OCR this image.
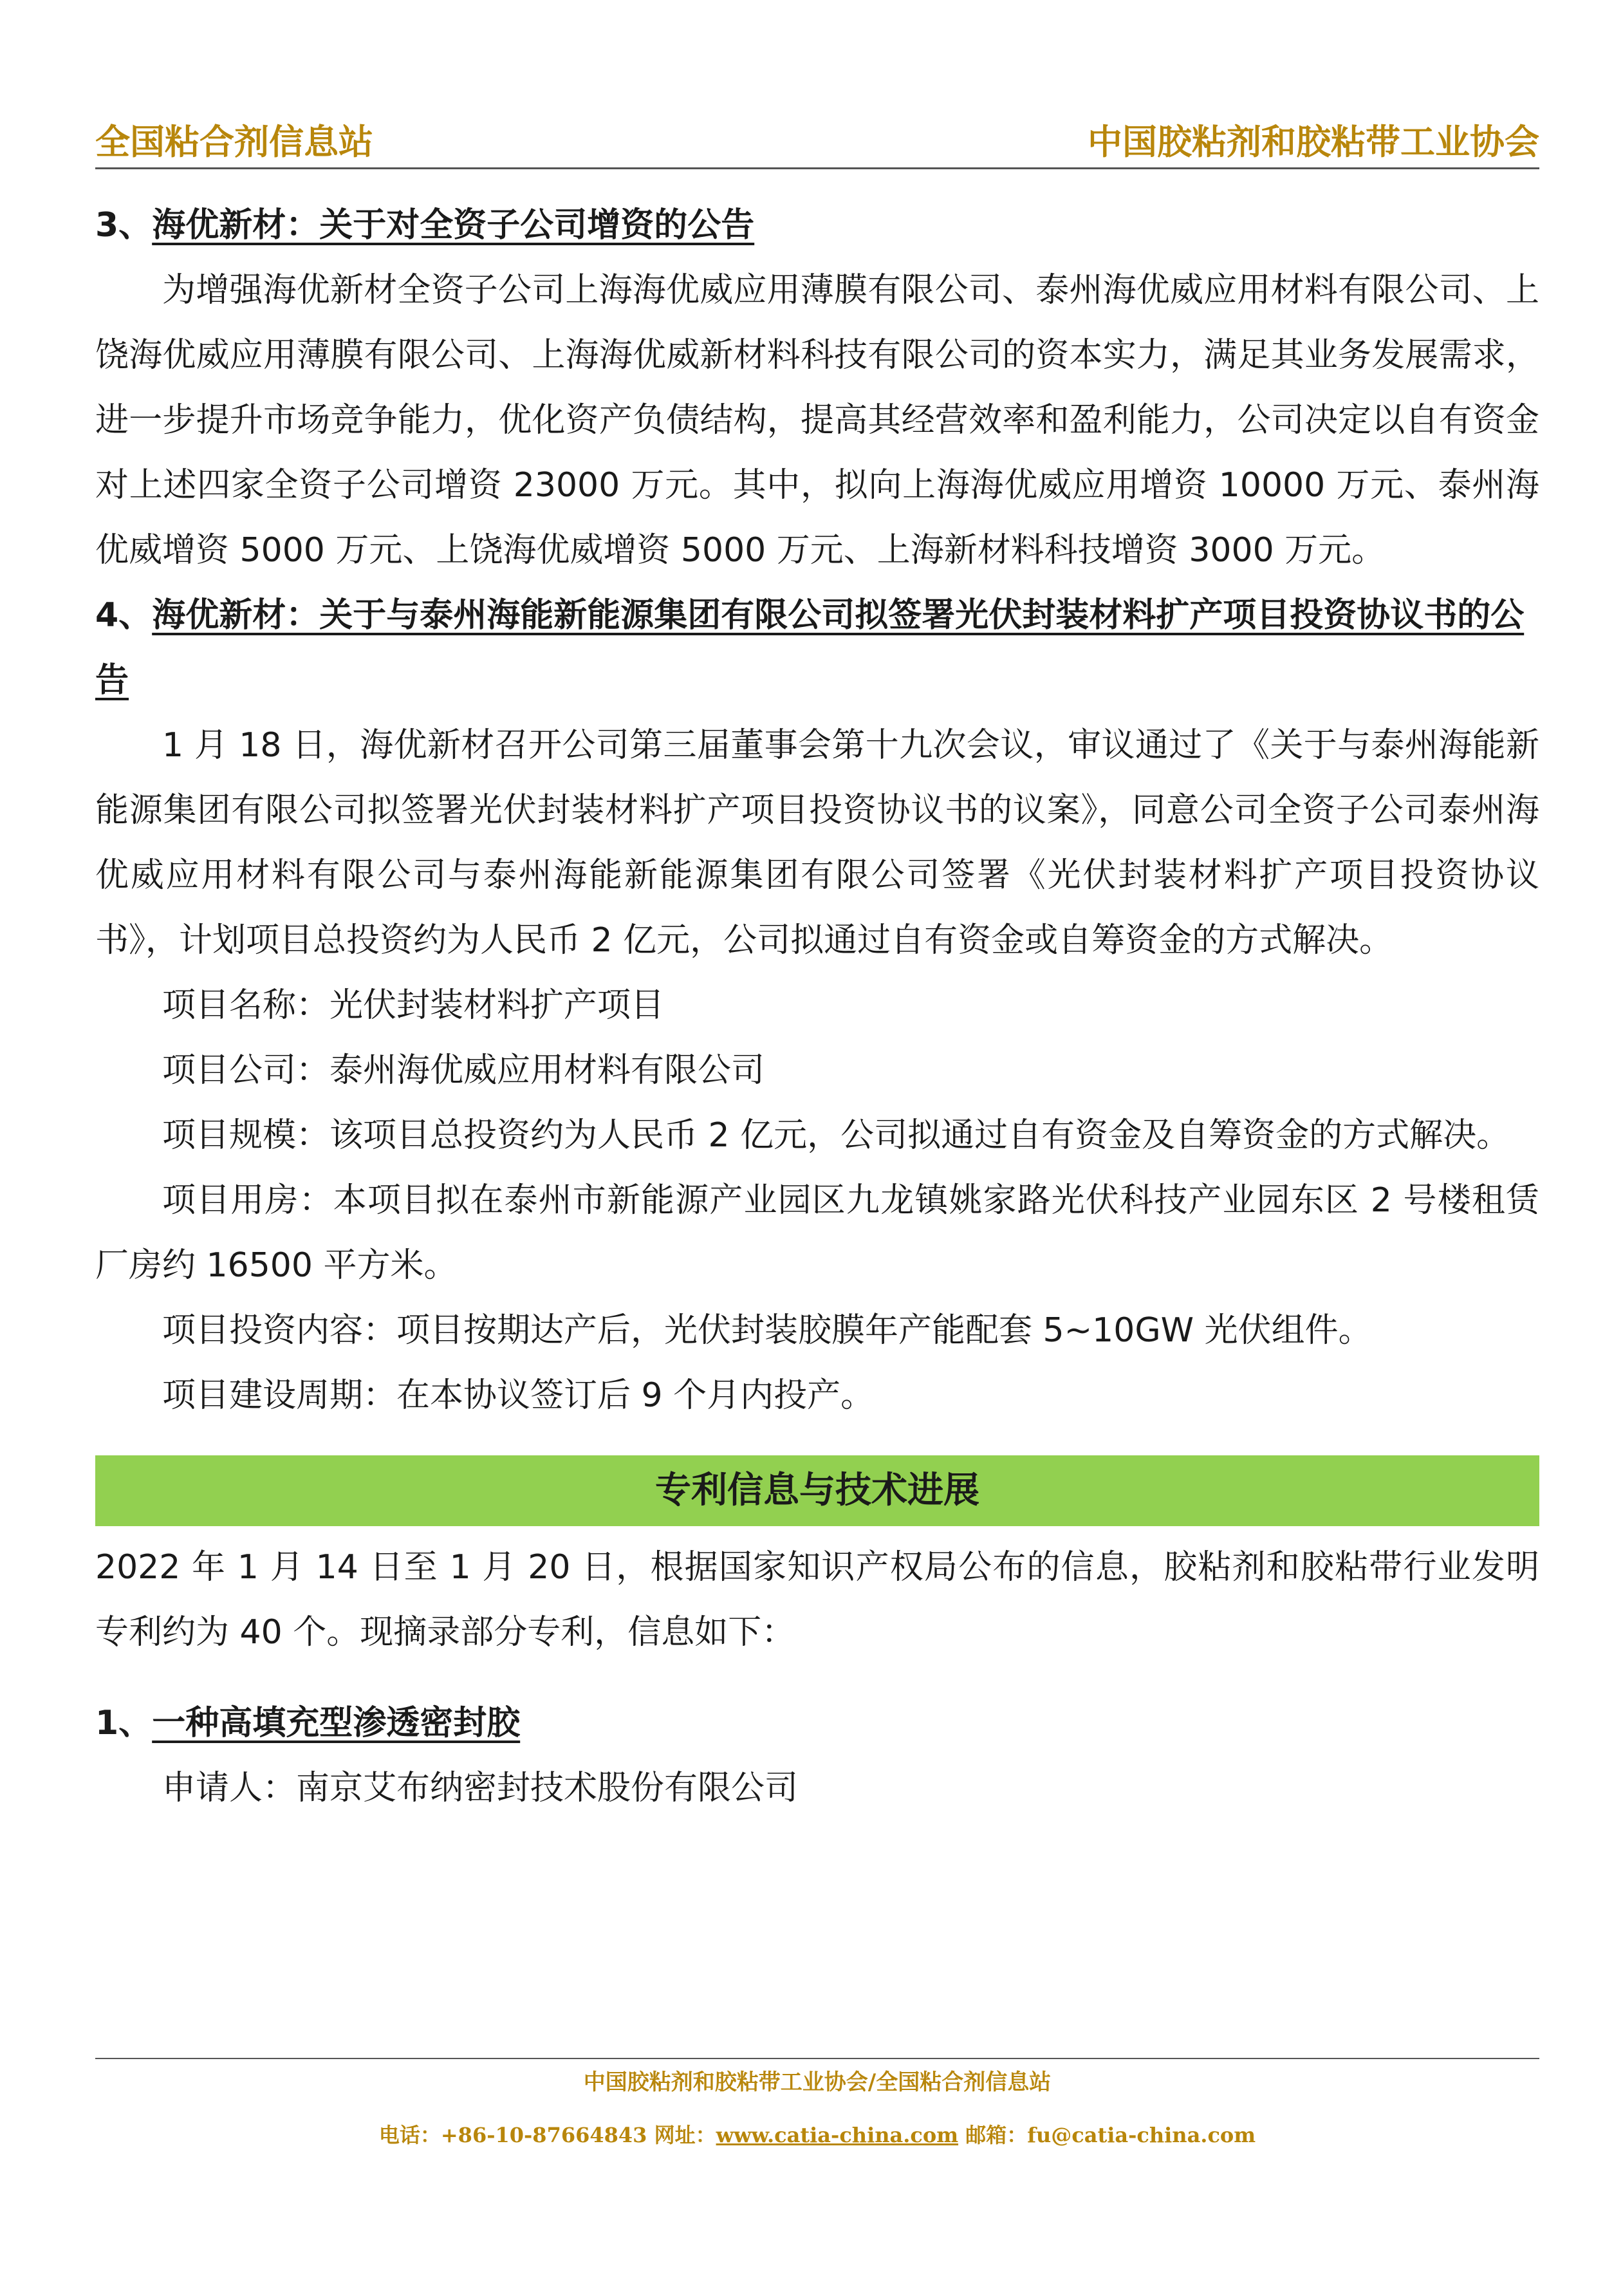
全国粘合剂信息站	中国胶粘剂和胶粘带工业协会

3、海优新材：关于对全资子公司增资的公告

为增强海优新材全资子公司上海海优威应用薄膜有限公司、泰州海优威应用材料有限公司、上饶海优威应用薄膜有限公司、上海海优威新材料科技有限公司的资本实力，满足其业务发展需求，进一步提升市场竞争能力，优化资产负债结构，提高其经营效率和盈利能力，公司决定以自有资金对上述四家全资子公司增资 23000 万元。其中，拟向上海海优威应用增资 10000 万元、泰州海优威增资 5000 万元、上饶海优威增资 5000 万元、上海新材料科技增资 3000 万元。

4、海优新材：关于与泰州海能新能源集团有限公司拟签署光伏封装材料扩产项目投资协议书的公告

1 月 18 日，海优新材召开公司第三届董事会第十九次会议，审议通过了《关于与泰州海能新能源集团有限公司拟签署光伏封装材料扩产项目投资协议书的议案》，同意公司全资子公司泰州海优威应用材料有限公司与泰州海能新能源集团有限公司签署《光伏封装材料扩产项目投资协议书》，计划项目总投资约为人民币 2 亿元，公司拟通过自有资金或自筹资金的方式解决。

项目名称：光伏封装材料扩产项目

项目公司：泰州海优威应用材料有限公司

项目规模：该项目总投资约为人民币 2 亿元，公司拟通过自有资金及自筹资金的方式解决。

项目用房：本项目拟在泰州市新能源产业园区九龙镇姚家路光伏科技产业园东区 2 号楼租赁厂房约 16500 平方米。

项目投资内容：项目按期达产后，光伏封装胶膜年产能配套 5~10GW 光伏组件。

项目建设周期：在本协议签订后 9 个月内投产。

专利信息与技术进展

2022 年 1 月 14 日至 1 月 20 日，根据国家知识产权局公布的信息，胶粘剂和胶粘带行业发明专利约为 40 个。现摘录部分专利，信息如下：

1、一种高填充型渗透密封胶

申请人：南京艾布纳密封技术股份有限公司

中国胶粘剂和胶粘带工业协会/全国粘合剂信息站
电话：+86-10-87664843 网址：www.catia-china.com 邮箱：fu@catia-china.com
